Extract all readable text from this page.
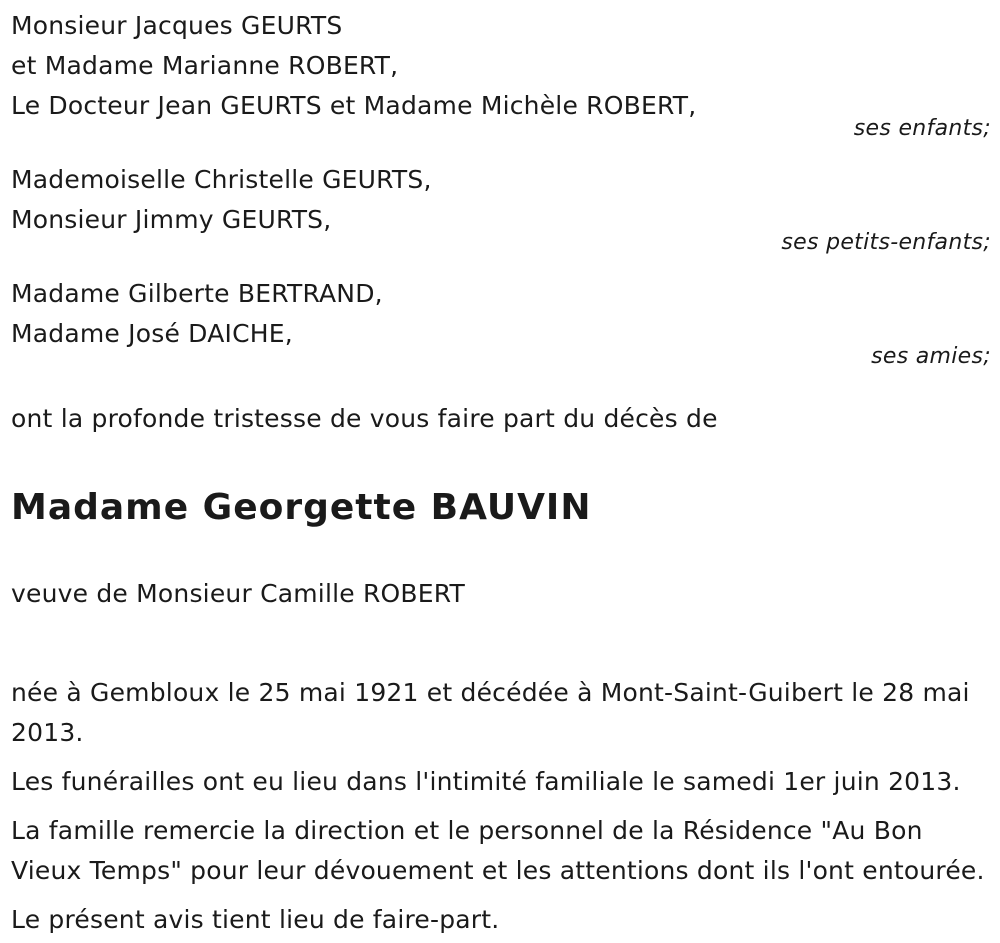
Monsieur Jacques GEURTS
et Madame Marianne ROBERT,
Le Docteur Jean GEURTS et Madame Michèle ROBERT,
ses enfants;
Mademoiselle Christelle GEURTS,
Monsieur Jimmy GEURTS,
ses petits-enfants;
Madame Gilberte BERTRAND,
Madame José DAICHE,
ses amies;
ont la profonde tristesse de vous faire part du décès de
Madame Georgette BAUVIN
veuve de Monsieur Camille ROBERT
née à Gembloux le 25 mai 1921 et décédée à Mont-Saint-Guibert le 28 mai 2013.
Les funérailles ont eu lieu dans l'intimité familiale le samedi 1er juin 2013.
La famille remercie la direction et le personnel de la Résidence "Au Bon Vieux Temps" pour leur dévouement et les attentions dont ils l'ont entourée.
Le présent avis tient lieu de faire-part.
